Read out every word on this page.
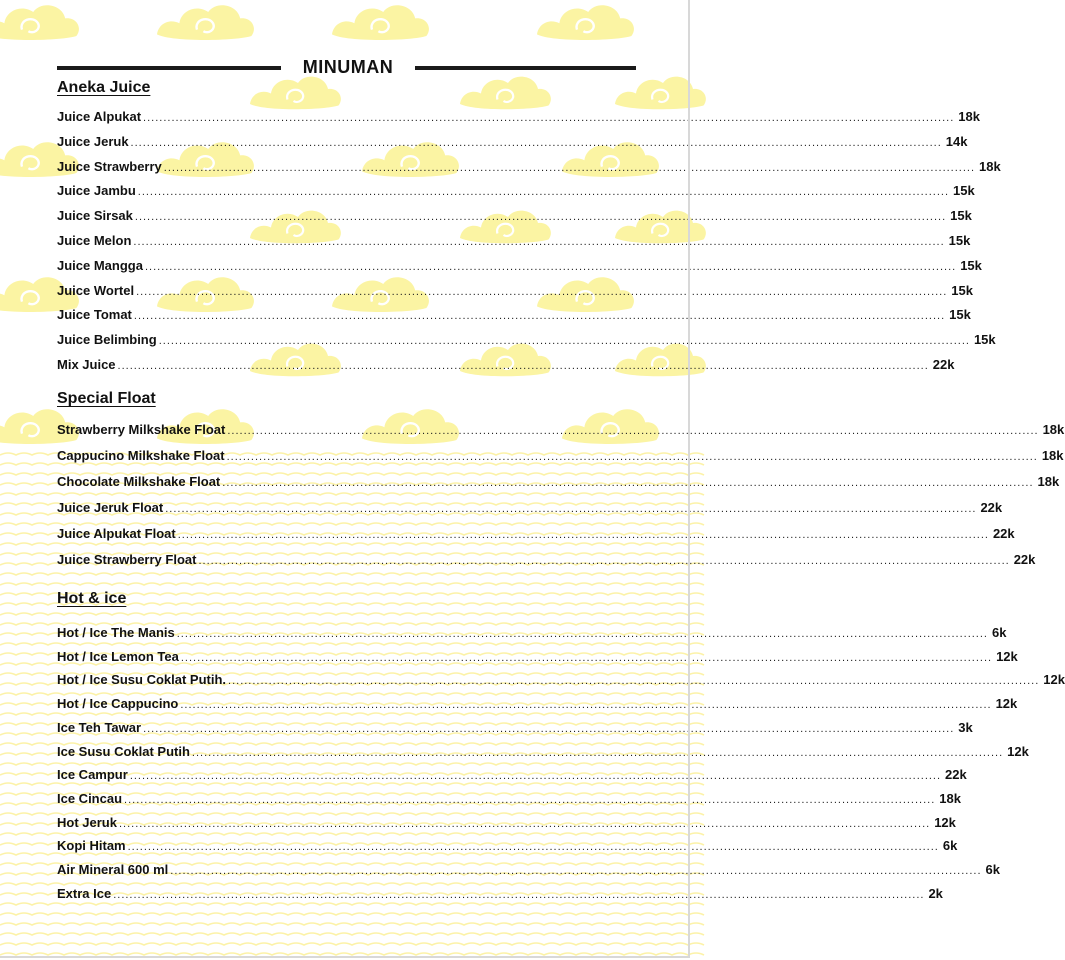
MINUMAN
Aneka Juice
Juice Alpukat ........................................................................................................................................................................................................ 18k
Juice Jeruk ........................................................................................................................................................................................................ 14k
Juice Strawberry ........................................................................................................................................................................................................ 18k
Juice Jambu ........................................................................................................................................................................................................ 15k
Juice Sirsak ........................................................................................................................................................................................................ 15k
Juice Melon ........................................................................................................................................................................................................ 15k
Juice Mangga ........................................................................................................................................................................................................ 15k
Juice Wortel ........................................................................................................................................................................................................ 15k
Juice Tomat ........................................................................................................................................................................................................ 15k
Juice Belimbing ........................................................................................................................................................................................................ 15k
Mix Juice ........................................................................................................................................................................................................ 22k
Special Float
Strawberry Milkshake Float ........................................................................................................................................................................................................ 18k
Cappucino Milkshake Float ........................................................................................................................................................................................................ 18k
Chocolate Milkshake Float ........................................................................................................................................................................................................ 18k
Juice Jeruk Float ........................................................................................................................................................................................................ 22k
Juice Alpukat Float ........................................................................................................................................................................................................ 22k
Juice Strawberry Float ........................................................................................................................................................................................................ 22k
Hot & ice
Hot / Ice The Manis ........................................................................................................................................................................................................ 6k
Hot / Ice Lemon Tea ........................................................................................................................................................................................................ 12k
Hot / Ice Susu Coklat Putih. ........................................................................................................................................................................................................ 12k
Hot / Ice Cappucino ........................................................................................................................................................................................................ 12k
Ice Teh Tawar ........................................................................................................................................................................................................ 3k
Ice Susu Coklat Putih ........................................................................................................................................................................................................ 12k
Ice Campur ........................................................................................................................................................................................................ 22k
Ice Cincau ........................................................................................................................................................................................................ 18k
Hot Jeruk ........................................................................................................................................................................................................ 12k
Kopi Hitam ........................................................................................................................................................................................................ 6k
Air Mineral 600 ml ........................................................................................................................................................................................................ 6k
Extra Ice ........................................................................................................................................................................................................ 2k
